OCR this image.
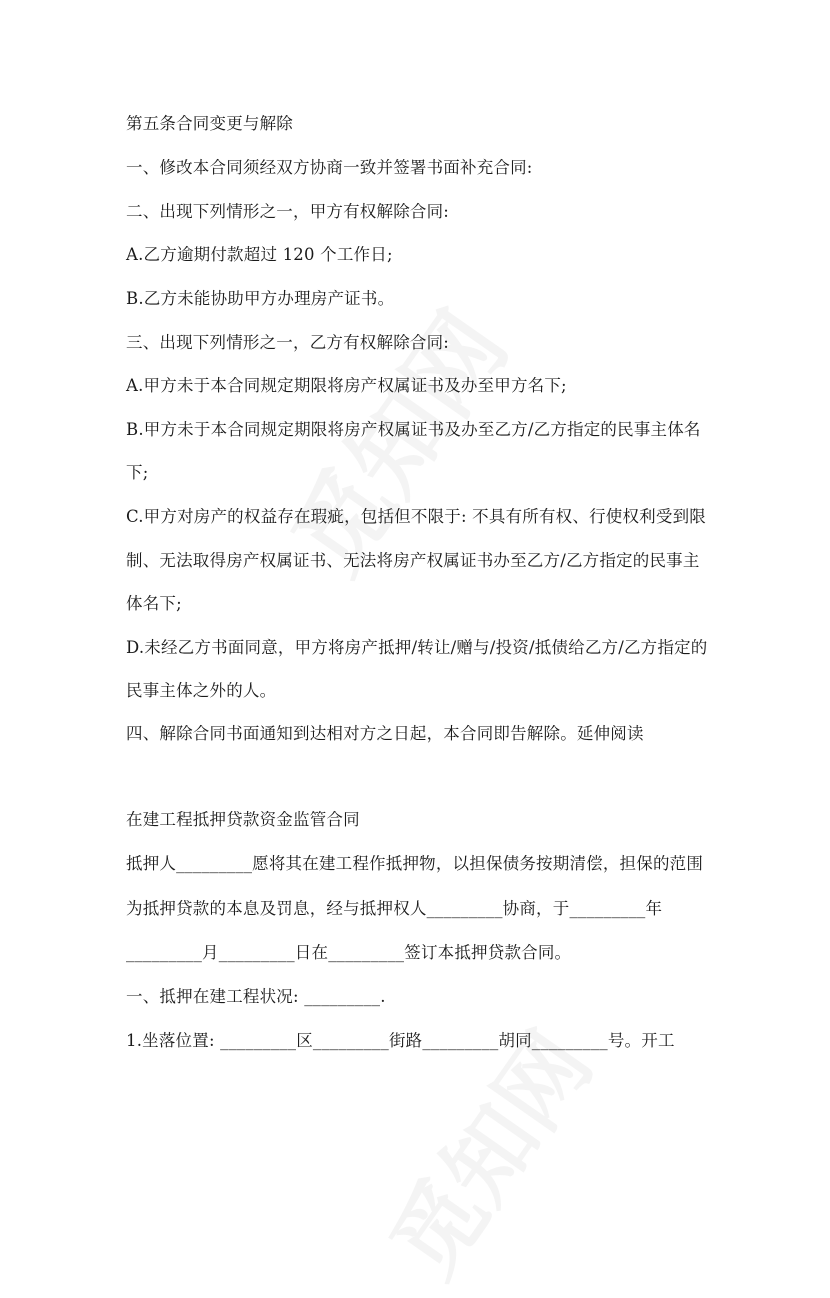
第五条合同变更与解除
一、修改本合同须经双方协商一致并签署书面补充合同:
二、出现下列情形之一，甲方有权解除合同:
A.乙方逾期付款超过 120 个工作日;
B.乙方未能协助甲方办理房产证书。
三、出现下列情形之一，乙方有权解除合同:
A.甲方未于本合同规定期限将房产权属证书及办至甲方名下;
B.甲方未于本合同规定期限将房产权属证书及办至乙方/乙方指定的民事主体名
下;
C.甲方对房产的权益存在瑕疵，包括但不限于: 不具有所有权、行使权利受到限
制、无法取得房产权属证书、无法将房产权属证书办至乙方/乙方指定的民事主
体名下;
D.未经乙方书面同意，甲方将房产抵押/转让/赠与/投资/抵债给乙方/乙方指定的
民事主体之外的人。
四、解除合同书面通知到达相对方之日起，本合同即告解除。延伸阅读
在建工程抵押贷款资金监管合同
抵押人_________愿将其在建工程作抵押物，以担保债务按期清偿，担保的范围
为抵押贷款的本息及罚息，经与抵押权人_________协商，于_________年
_________月_________日在_________签订本抵押贷款合同。
一、抵押在建工程状况: _________.
1.坐落位置: _________区_________街路_________胡同_________号。开工
